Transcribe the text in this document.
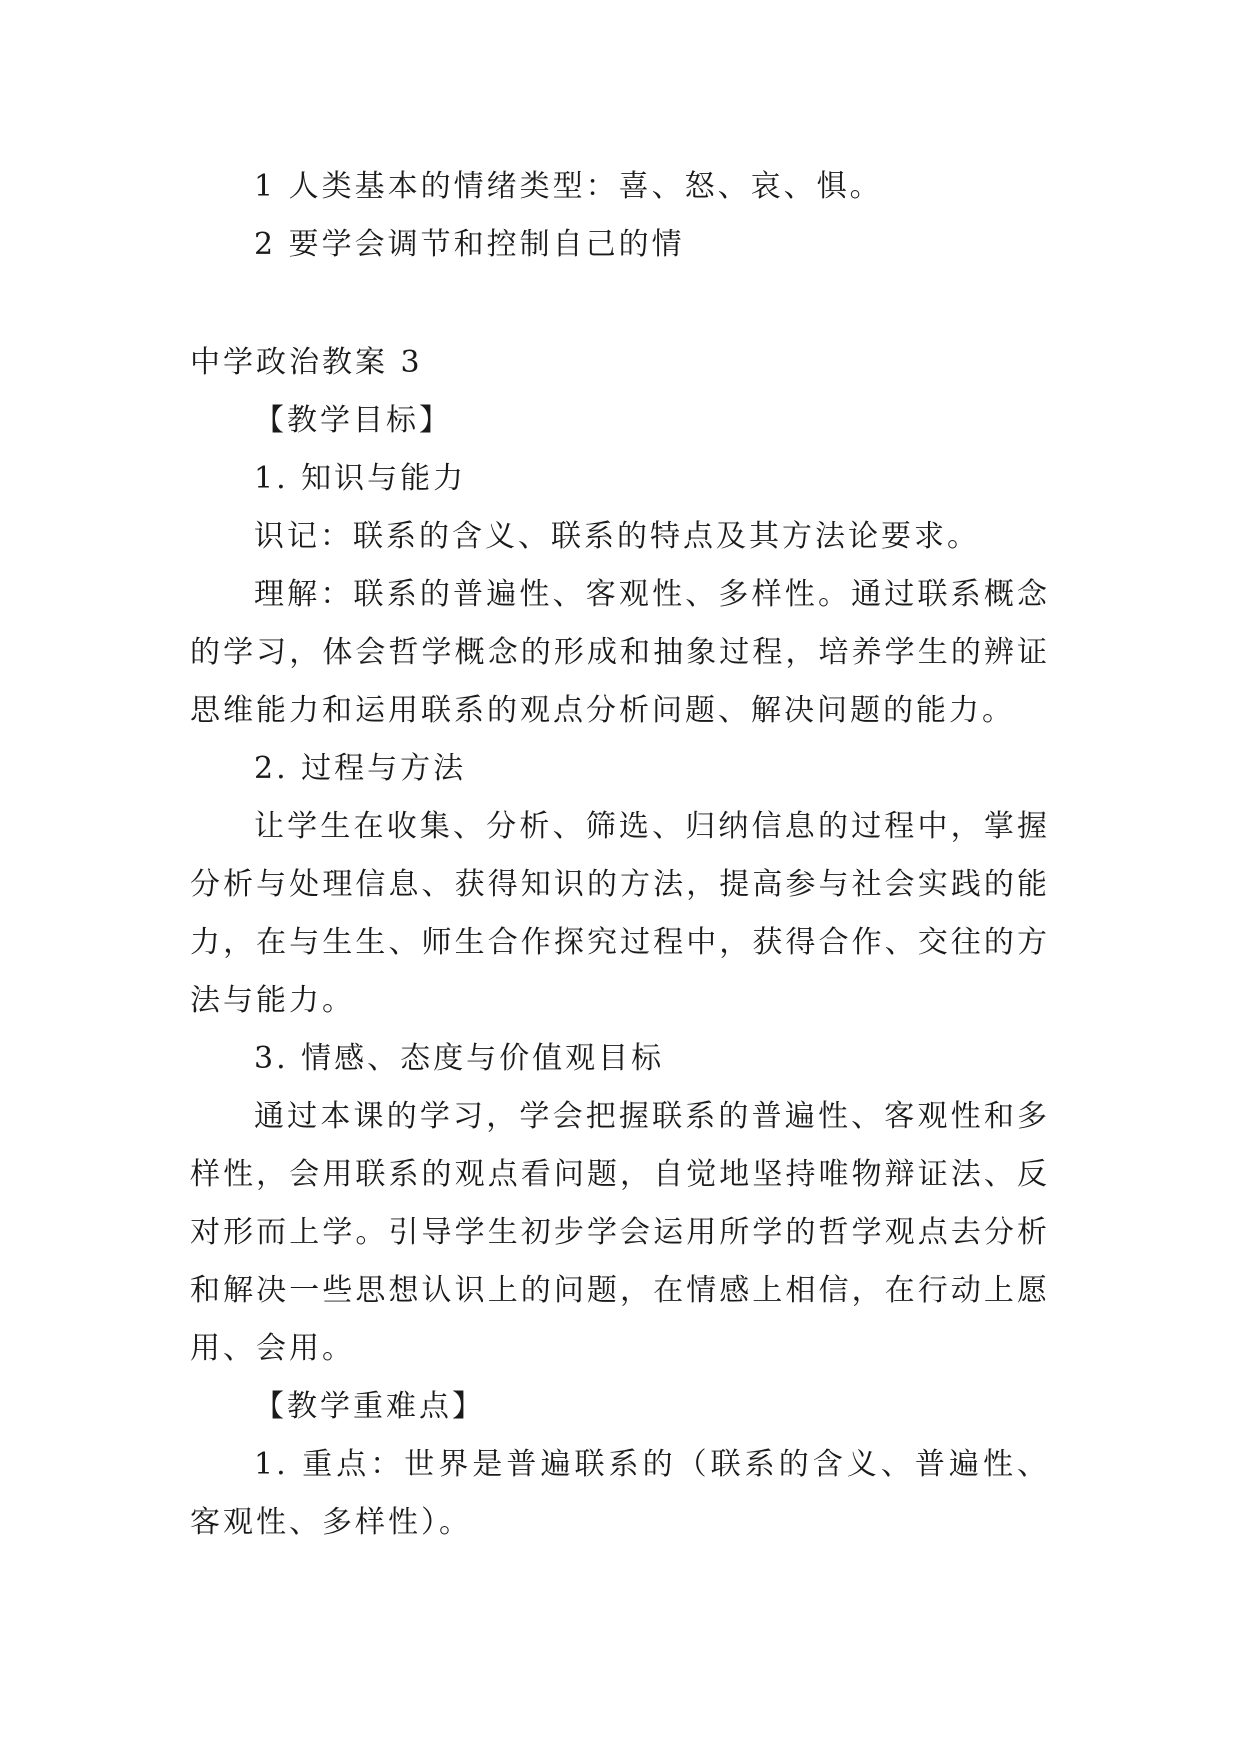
1 人类基本的情绪类型：喜、怒、哀、惧。

2 要学会调节和控制自己的情

中学政治教案 3

【教学目标】

1. 知识与能力

识记：联系的含义、联系的特点及其方法论要求。

理解：联系的普遍性、客观性、多样性。通过联系概念的学习，体会哲学概念的形成和抽象过程，培养学生的辨证思维能力和运用联系的观点分析问题、解决问题的能力。

2. 过程与方法

让学生在收集、分析、筛选、归纳信息的过程中，掌握分析与处理信息、获得知识的方法，提高参与社会实践的能力，在与生生、师生合作探究过程中，获得合作、交往的方法与能力。

3. 情感、态度与价值观目标

通过本课的学习，学会把握联系的普遍性、客观性和多样性，会用联系的观点看问题，自觉地坚持唯物辩证法、反对形而上学。引导学生初步学会运用所学的哲学观点去分析和解决一些思想认识上的问题，在情感上相信，在行动上愿用、会用。

【教学重难点】

1. 重点：世界是普遍联系的（联系的含义、普遍性、客观性、多样性）。
